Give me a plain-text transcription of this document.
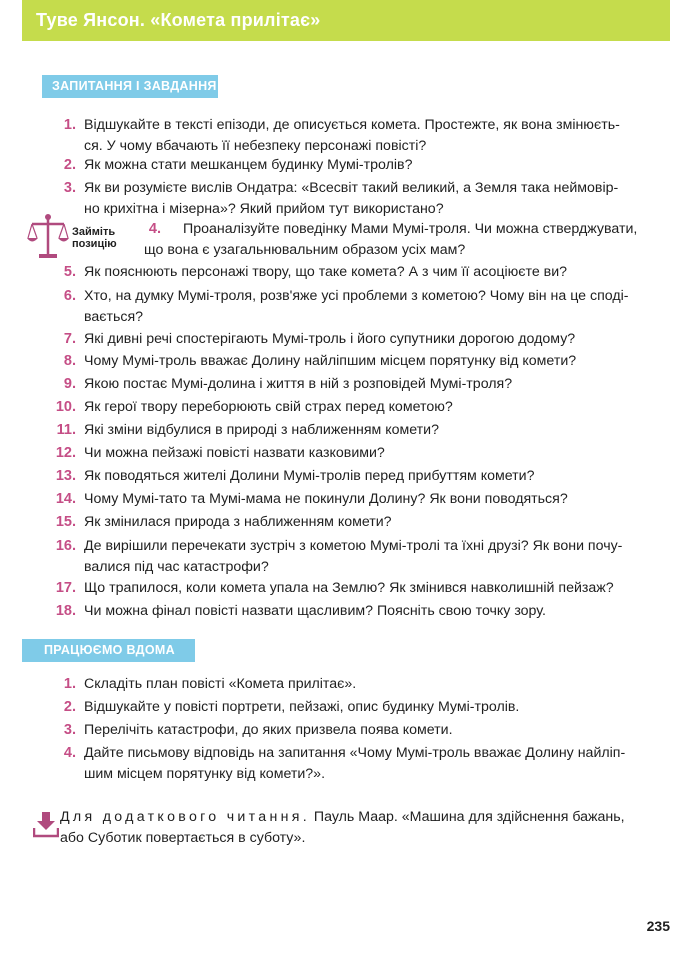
Туве Янсон. «Комета прилітає»
ЗАПИТАННЯ І ЗАВДАННЯ
Займіть
позицію
1. Відшукайте в тексті епізоди, де описується комета. Простежте, як вона змінюєть-
ся. У чому вбачають її небезпеку персонажі повісті?
2. Як можна стати мешканцем будинку Мумі-тролів?
3. Як ви розумієте вислів Ондатра: «Всесвіт такий великий, а Земля така неймовір-
но крихітна і мізерна»? Який прийом тут використано?
4. Проаналізуйте поведінку Мами Мумі-троля. Чи можна стверджувати,
що вона є узагальнювальним образом усіх мам?
5. Як пояснюють персонажі твору, що таке комета? А з чим її асоціюєте ви?
6. Хто, на думку Мумі-троля, розв'яже усі проблеми з кометою? Чому він на це споді-
вається?
7. Які дивні речі спостерігають Мумі-троль і його супутники дорогою додому?
8. Чому Мумі-троль вважає Долину найліпшим місцем порятунку від комети?
9. Якою постає Мумі-долина і життя в ній з розповідей Мумі-троля?
10. Як герої твору переборюють свій страх перед кометою?
11. Які зміни відбулися в природі з наближенням комети?
12. Чи можна пейзажі повісті назвати казковими?
13. Як поводяться жителі Долини Мумі-тролів перед прибуттям комети?
14. Чому Мумі-тато та Мумі-мама не покинули Долину? Як вони поводяться?
15. Як змінилася природа з наближенням комети?
16. Де вирішили перечекати зустріч з кометою Мумі-тролі та їхні друзі? Як вони почу-
валися під час катастрофи?
17. Що трапилося, коли комета упала на Землю? Як змінився навколишній пейзаж?
18. Чи можна фінал повісті назвати щасливим? Поясніть свою точку зору.
ПРАЦЮЄМО ВДОМА
1. Складіть план повісті «Комета прилітає».
2. Відшукайте у повісті портрети, пейзажі, опис будинку Мумі-тролів.
3. Перелічіть катастрофи, до яких призвела поява комети.
4. Дайте письмову відповідь на запитання «Чому Мумі-троль вважає Долину найліп-
шим місцем порятунку від комети?».
Для додаткового читання. Пауль Маар. «Машина для здійснення бажань,
або Суботик повертається в суботу».
235
